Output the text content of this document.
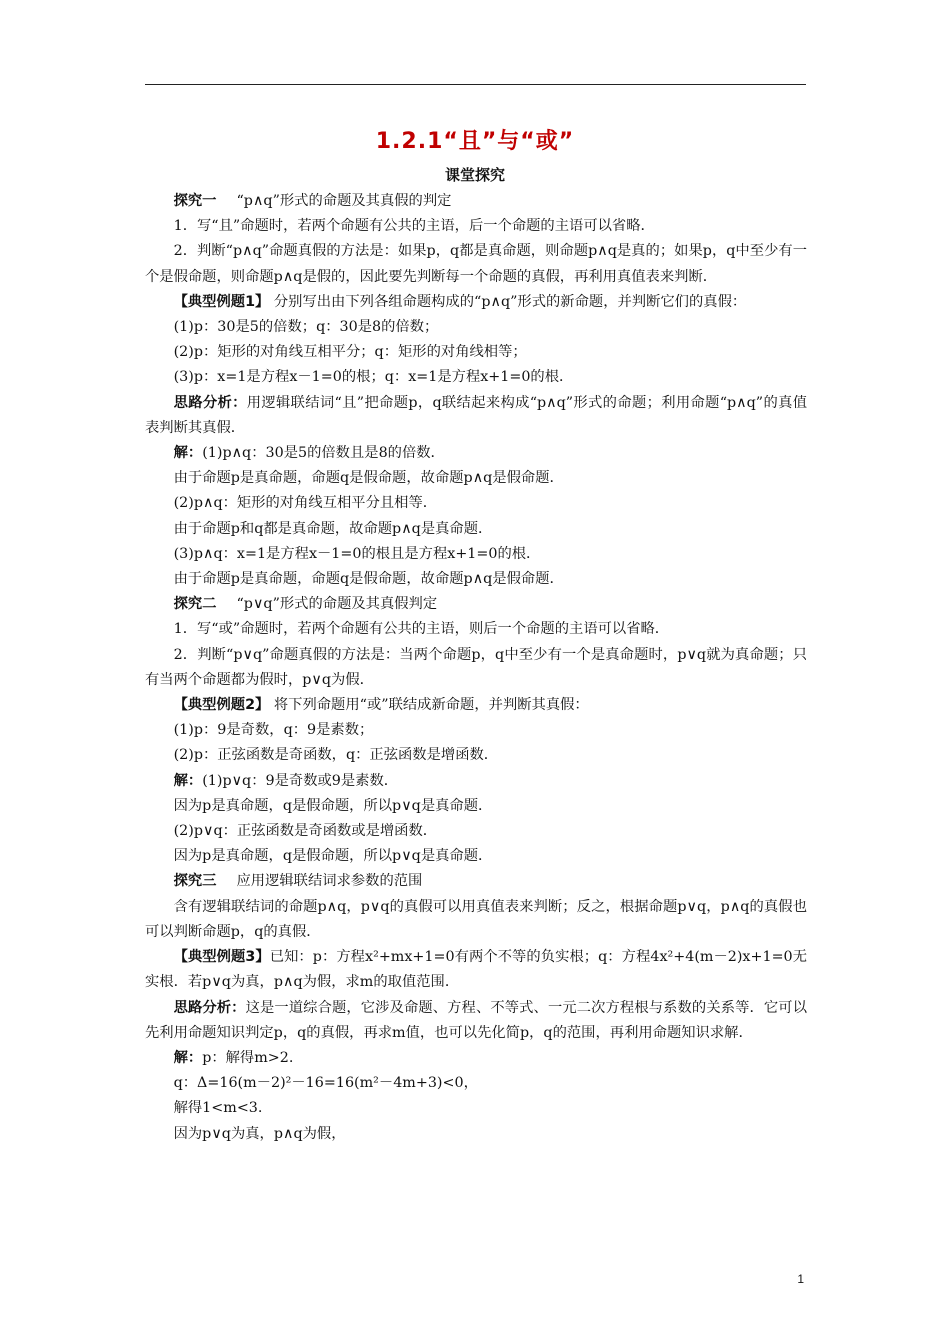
1.2.1“且”与“或”
课堂探究

探究一 “p∧q”形式的命题及其真假的判定

1．写“且”命题时，若两个命题有公共的主语，后一个命题的主语可以省略．

2．判断“p∧q”命题真假的方法是：如果p，q都是真命题，则命题p∧q是真的；如果p，q中至少有一个是假命题，则命题p∧q是假的，因此要先判断每一个命题的真假，再利用真值表来判断．

【典型例题1】 分别写出由下列各组命题构成的“p∧q”形式的新命题，并判断它们的真假：

(1)p：30是5的倍数；q：30是8的倍数；

(2)p：矩形的对角线互相平分；q：矩形的对角线相等；

(3)p：x=1是方程x－1=0的根；q：x=1是方程x+1=0的根．

思路分析：用逻辑联结词“且”把命题p，q联结起来构成“p∧q”形式的命题；利用命题“p∧q”的真值表判断其真假．

解：(1)p∧q：30是5的倍数且是8的倍数．

由于命题p是真命题，命题q是假命题，故命题p∧q是假命题．

(2)p∧q：矩形的对角线互相平分且相等．

由于命题p和q都是真命题，故命题p∧q是真命题．

(3)p∧q：x=1是方程x－1=0的根且是方程x+1=0的根．

由于命题p是真命题，命题q是假命题，故命题p∧q是假命题．

探究二 “p∨q”形式的命题及其真假判定

1．写“或”命题时，若两个命题有公共的主语，则后一个命题的主语可以省略．

2．判断“p∨q”命题真假的方法是：当两个命题p，q中至少有一个是真命题时，p∨q就为真命题；只有当两个命题都为假时，p∨q为假．

【典型例题2】 将下列命题用“或”联结成新命题，并判断其真假：

(1)p：9是奇数，q：9是素数；

(2)p：正弦函数是奇函数，q：正弦函数是增函数．

解：(1)p∨q：9是奇数或9是素数．

因为p是真命题，q是假命题，所以p∨q是真命题．

(2)p∨q：正弦函数是奇函数或是增函数．

因为p是真命题，q是假命题，所以p∨q是真命题．

探究三 应用逻辑联结词求参数的范围

含有逻辑联结词的命题p∧q，p∨q的真假可以用真值表来判断；反之，根据命题p∨q，p∧q的真假也可以判断命题p，q的真假．

【典型例题3】已知：p：方程x²+mx+1=0有两个不等的负实根；q：方程4x²+4(m－2)x+1=0无实根．若p∨q为真，p∧q为假，求m的取值范围．

思路分析：这是一道综合题，它涉及命题、方程、不等式、一元二次方程根与系数的关系等．它可以先利用命题知识判定p，q的真假，再求m值，也可以先化简p，q的范围，再利用命题知识求解．

解：p：解得m>2.

q：Δ=16(m－2)²－16=16(m²－4m+3)<0，

解得1<m<3.

因为p∨q为真，p∧q为假，

1
